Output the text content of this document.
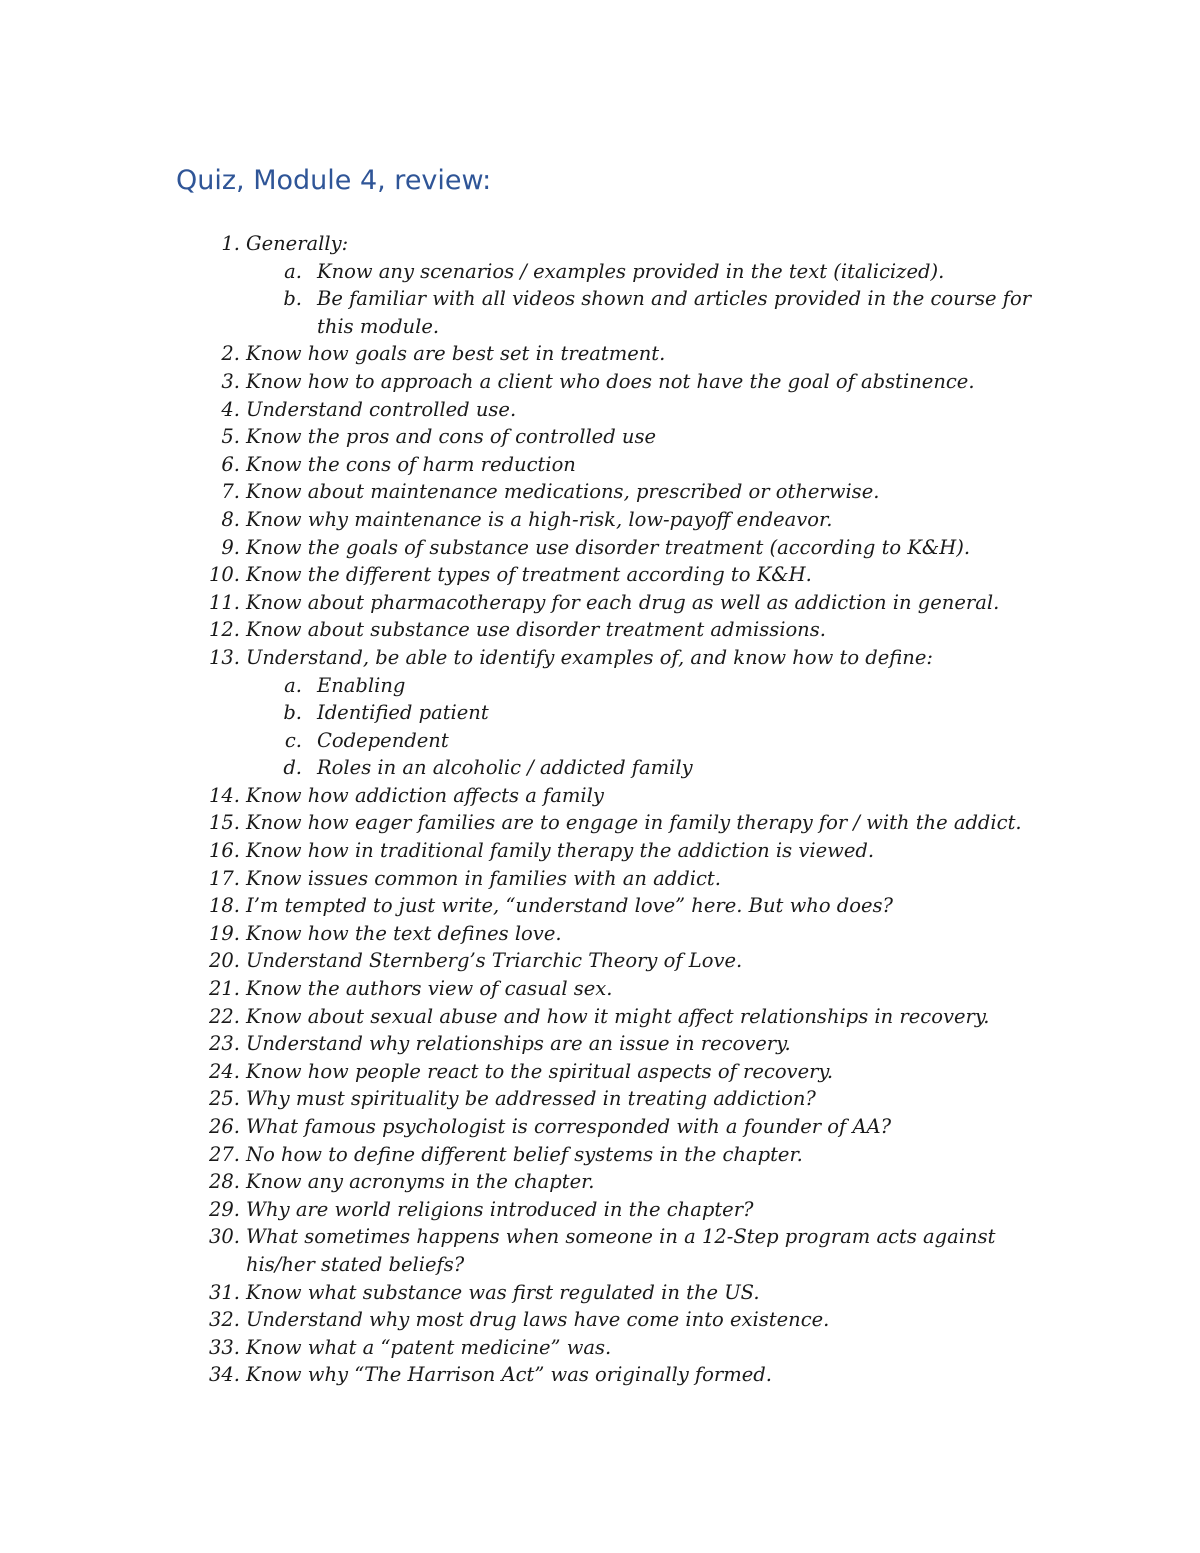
Quiz, Module 4, review:
1. Generally:
a. Know any scenarios / examples provided in the text (italicized).
b. Be familiar with all videos shown and articles provided in the course for
this module.
2. Know how goals are best set in treatment.
3. Know how to approach a client who does not have the goal of abstinence.
4. Understand controlled use.
5. Know the pros and cons of controlled use
6. Know the cons of harm reduction
7. Know about maintenance medications, prescribed or otherwise.
8. Know why maintenance is a high-risk, low-payoff endeavor.
9. Know the goals of substance use disorder treatment (according to K&H).
10. Know the different types of treatment according to K&H.
11. Know about pharmacotherapy for each drug as well as addiction in general.
12. Know about substance use disorder treatment admissions.
13. Understand, be able to identify examples of, and know how to define:
a. Enabling
b. Identified patient
c. Codependent
d. Roles in an alcoholic / addicted family
14. Know how addiction affects a family
15. Know how eager families are to engage in family therapy for / with the addict.
16. Know how in traditional family therapy the addiction is viewed.
17. Know issues common in families with an addict.
18. I’m tempted to just write, “understand love” here. But who does?
19. Know how the text defines love.
20. Understand Sternberg’s Triarchic Theory of Love.
21. Know the authors view of casual sex.
22. Know about sexual abuse and how it might affect relationships in recovery.
23. Understand why relationships are an issue in recovery.
24. Know how people react to the spiritual aspects of recovery.
25. Why must spirituality be addressed in treating addiction?
26. What famous psychologist is corresponded with a founder of AA?
27. No how to define different belief systems in the chapter.
28. Know any acronyms in the chapter.
29. Why are world religions introduced in the chapter?
30. What sometimes happens when someone in a 12-Step program acts against
his/her stated beliefs?
31. Know what substance was first regulated in the US.
32. Understand why most drug laws have come into existence.
33. Know what a “patent medicine” was.
34. Know why “The Harrison Act” was originally formed.
